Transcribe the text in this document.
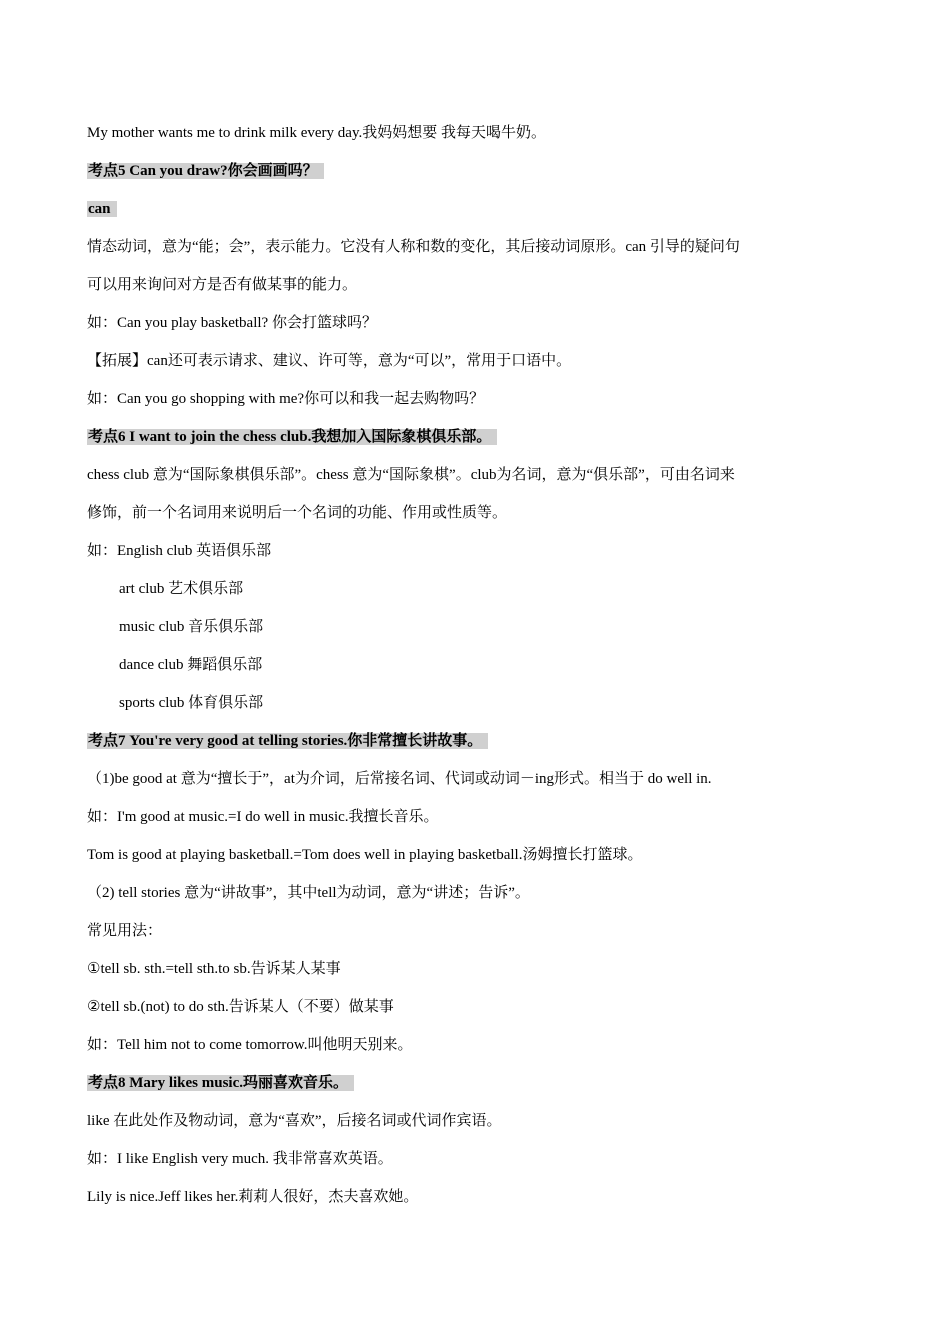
My mother wants me to drink milk every day.我妈妈想要 我每天喝牛奶。
考点5 Can you draw?你会画画吗？
can
情态动词，意为“能；会”，表示能力。它没有人称和数的变化，其后接动词原形。can 引导的疑问句
可以用来询问对方是否有做某事的能力。
如：Can you play basketball? 你会打篮球吗？
【拓展】can还可表示请求、建议、许可等，意为“可以”，常用于口语中。
如：Can you go shopping with me?你可以和我一起去购物吗？
考点6 I want to join the chess club.我想加入国际象棋俱乐部。
chess club 意为“国际象棋俱乐部”。chess 意为“国际象棋”。club为名词，意为“俱乐部”，可由名词来
修饰，前一个名词用来说明后一个名词的功能、作用或性质等。
如：English club 英语俱乐部
art club 艺术俱乐部
music club 音乐俱乐部
dance club 舞蹈俱乐部
sports club 体育俱乐部
考点7 You're very good at telling stories.你非常擅长讲故事。
（1)be good at 意为“擅长于”，at为介词，后常接名词、代词或动词－ing形式。相当于 do well in.
如：I'm good at music.=I do well in music.我擅长音乐。
Tom is good at playing basketball.=Tom does well in playing basketball.汤姆擅长打篮球。
（2) tell stories 意为“讲故事”，其中tell为动词，意为“讲述；告诉”。
常见用法：
①tell sb. sth.=tell sth.to sb.告诉某人某事
②tell sb.(not) to do sth.告诉某人（不要）做某事
如：Tell him not to come tomorrow.叫他明天别来。
考点8 Mary likes music.玛丽喜欢音乐。
like 在此处作及物动词，意为“喜欢”，后接名词或代词作宾语。
如：I like English very much. 我非常喜欢英语。
Lily is nice.Jeff likes her.莉莉人很好，杰夫喜欢她。
